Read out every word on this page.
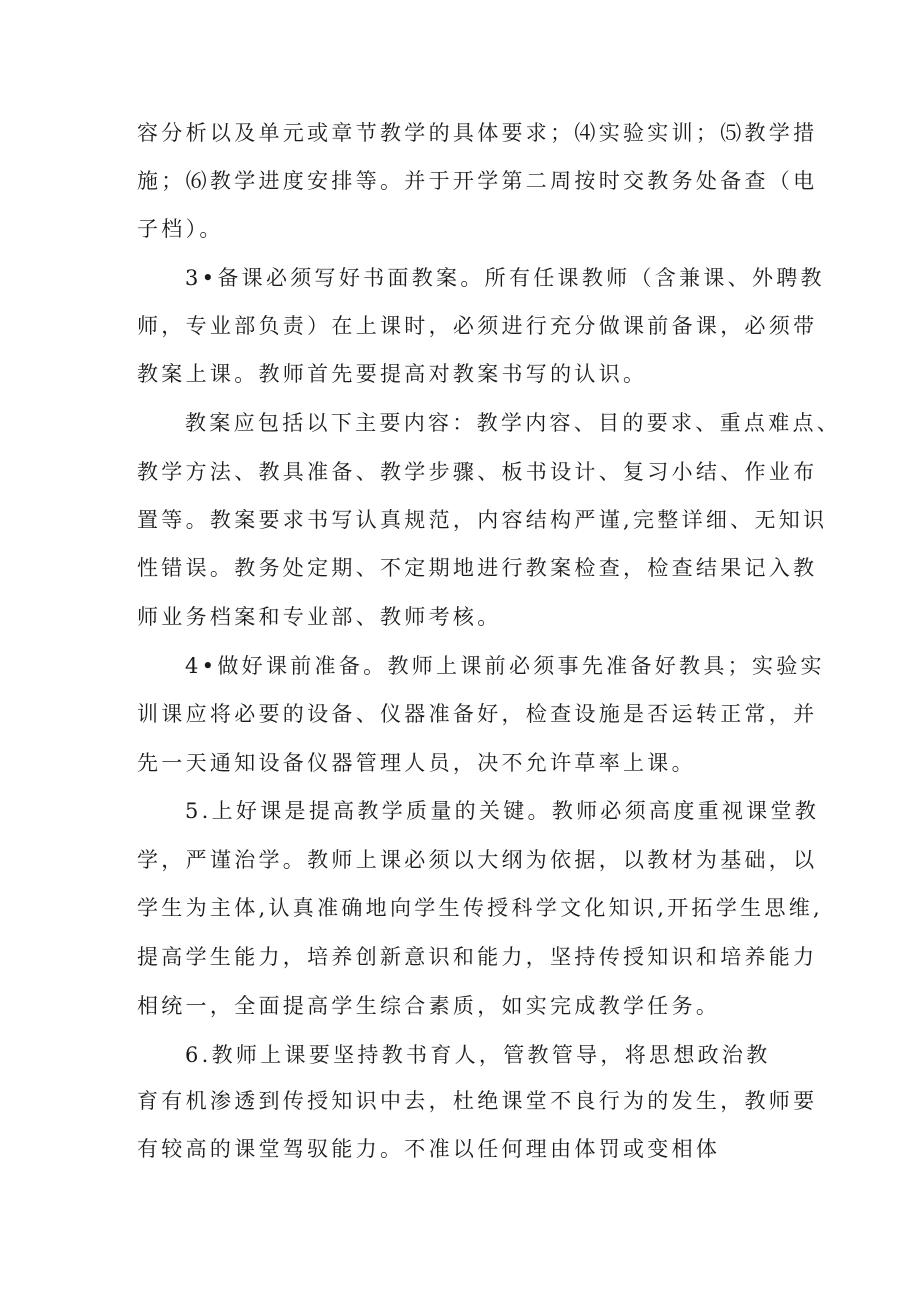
容分析以及单元或章节教学的具体要求；⑷实验实训；⑸教学措
施；⑹教学进度安排等。并于开学第二周按时交教务处备查（电
子档）。
3•备课必须写好书面教案。所有任课教师（含兼课、外聘教
师，专业部负责）在上课时，必须进行充分做课前备课，必须带
教案上课。教师首先要提高对教案书写的认识。
教案应包括以下主要内容：教学内容、目的要求、重点难点、
教学方法、教具准备、教学步骤、板书设计、复习小结、作业布
置等。教案要求书写认真规范，内容结构严谨,完整详细、无知识
性错误。教务处定期、不定期地进行教案检查，检查结果记入教
师业务档案和专业部、教师考核。
4•做好课前准备。教师上课前必须事先准备好教具；实验实
训课应将必要的设备、仪器准备好，检查设施是否运转正常，并
先一天通知设备仪器管理人员，决不允许草率上课。
5.上好课是提高教学质量的关键。教师必须高度重视课堂教
学，严谨治学。教师上课必须以大纲为依据，以教材为基础，以
学生为主体,认真准确地向学生传授科学文化知识,开拓学生思维,
提高学生能力，培养创新意识和能力，坚持传授知识和培养能力
相统一，全面提高学生综合素质，如实完成教学任务。
6.教师上课要坚持教书育人，管教管导，将思想政治教
育有机渗透到传授知识中去，杜绝课堂不良行为的发生，教师要
有较高的课堂驾驭能力。不准以任何理由体罚或变相体
